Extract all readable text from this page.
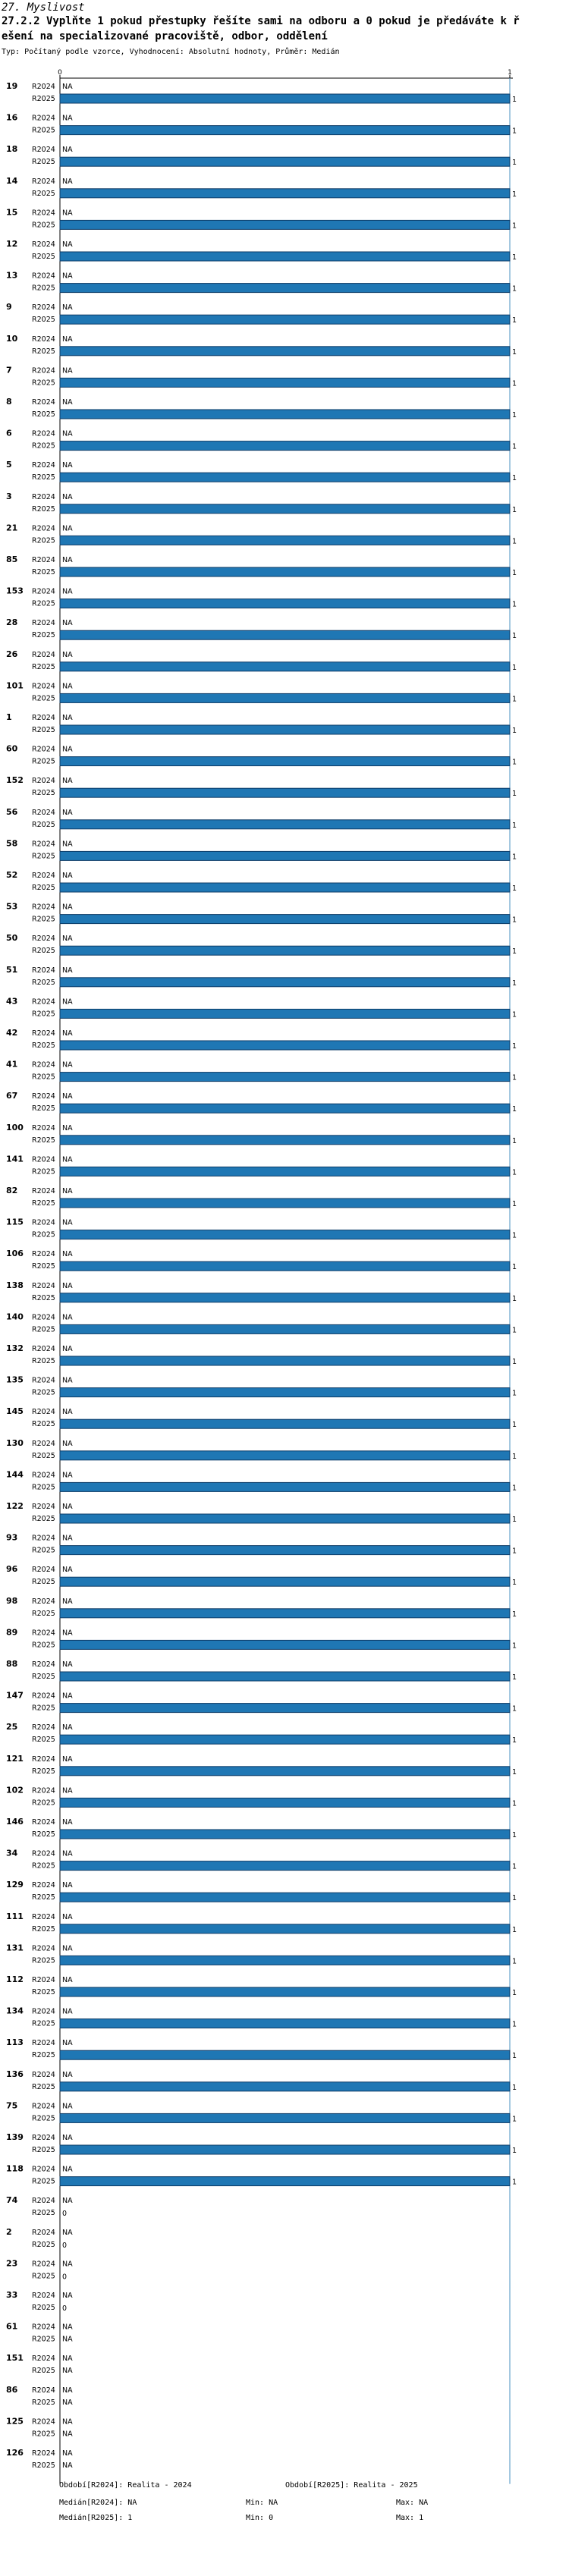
27. Myslivost
27.2.2 Vyplňte 1 pokud přestupky řešíte sami na odboru a 0 pokud je předáváte k ř
ešení na specializované pracoviště, odbor, oddělení
Typ: Počítaný podle vzorce, Vyhodnocení: Absolutní hodnoty, Průměr: Medián
0	1
19 R2024 NA
R2025	1
16 R2024 NA
R2025	1
18 R2024 NA
R2025	1
14 R2024 NA
R2025	1
15 R2024 NA
R2025	1
12 R2024 NA
R2025	1
13 R2024 NA
R2025	1
9	R2024 NA
R2025	1
10 R2024 NA
R2025	1
7	R2024 NA
R2025	1
8	R2024 NA
R2025	1
6	R2024 NA
R2025	1
5	R2024 NA
R2025	1
3	R2024 NA
R2025	1
21 R2024 NA
R2025	1
85 R2024 NA
R2025	1
153 R2024 NA
R2025	1
28 R2024 NA
R2025	1
26 R2024 NA
R2025	1
101 R2024 NA
R2025	1
1	R2024 NA
R2025	1
60 R2024 NA
R2025	1
152 R2024 NA
R2025	1
56 R2024 NA
R2025	1
58 R2024 NA
R2025	1
52 R2024 NA
R2025	1
53 R2024 NA
R2025	1
50 R2024 NA
R2025	1
51 R2024 NA
R2025	1
43 R2024 NA
R2025	1
42 R2024 NA
R2025	1
41 R2024 NA
R2025	1
67 R2024 NA
R2025	1
100 R2024 NA
R2025	1
141 R2024 NA
R2025	1
82 R2024 NA
R2025	1
115 R2024 NA
R2025	1
106 R2024 NA
R2025	1
138 R2024 NA
R2025	1
140 R2024 NA
R2025	1
132 R2024 NA
R2025	1
135 R2024 NA
R2025	1
145 R2024 NA
R2025	1
130 R2024 NA
R2025	1
144 R2024 NA
R2025	1
122 R2024 NA
R2025	1
93 R2024 NA
R2025	1
96 R2024 NA
R2025	1
98 R2024 NA
R2025	1
89 R2024 NA
R2025	1
88 R2024 NA
R2025	1
147 R2024 NA
R2025	1
25 R2024 NA
R2025	1
121 R2024 NA
R2025	1
102 R2024 NA
R2025	1
146 R2024 NA
R2025	1
34 R2024 NA
R2025	1
129 R2024 NA
R2025	1
111 R2024 NA
R2025	1
131 R2024 NA
R2025	1
112 R2024 NA
R2025	1
134 R2024 NA
R2025	1
113 R2024 NA
R2025	1
136 R2024 NA
R2025	1
75 R2024 NA
R2025	1
139 R2024 NA
R2025	1
118 R2024 NA
R2025	1
74 R2024 NA
R2025 0
2	R2024 NA
R2025 0
23 R2024 NA
R2025 0
33 R2024 NA
R2025 0
61 R2024 NA
R2025 NA
151 R2024 NA
R2025 NA
86 R2024 NA
R2025 NA
125 R2024 NA
R2025 NA
126 R2024 NA
R2025 NA
Období[R2024]: Realita - 2024	Období[R2025]: Realita - 2025
Medián[R2024]: NA	Min: NA	Max: NA
Medián[R2025]: 1	Min: 0	Max: 1
